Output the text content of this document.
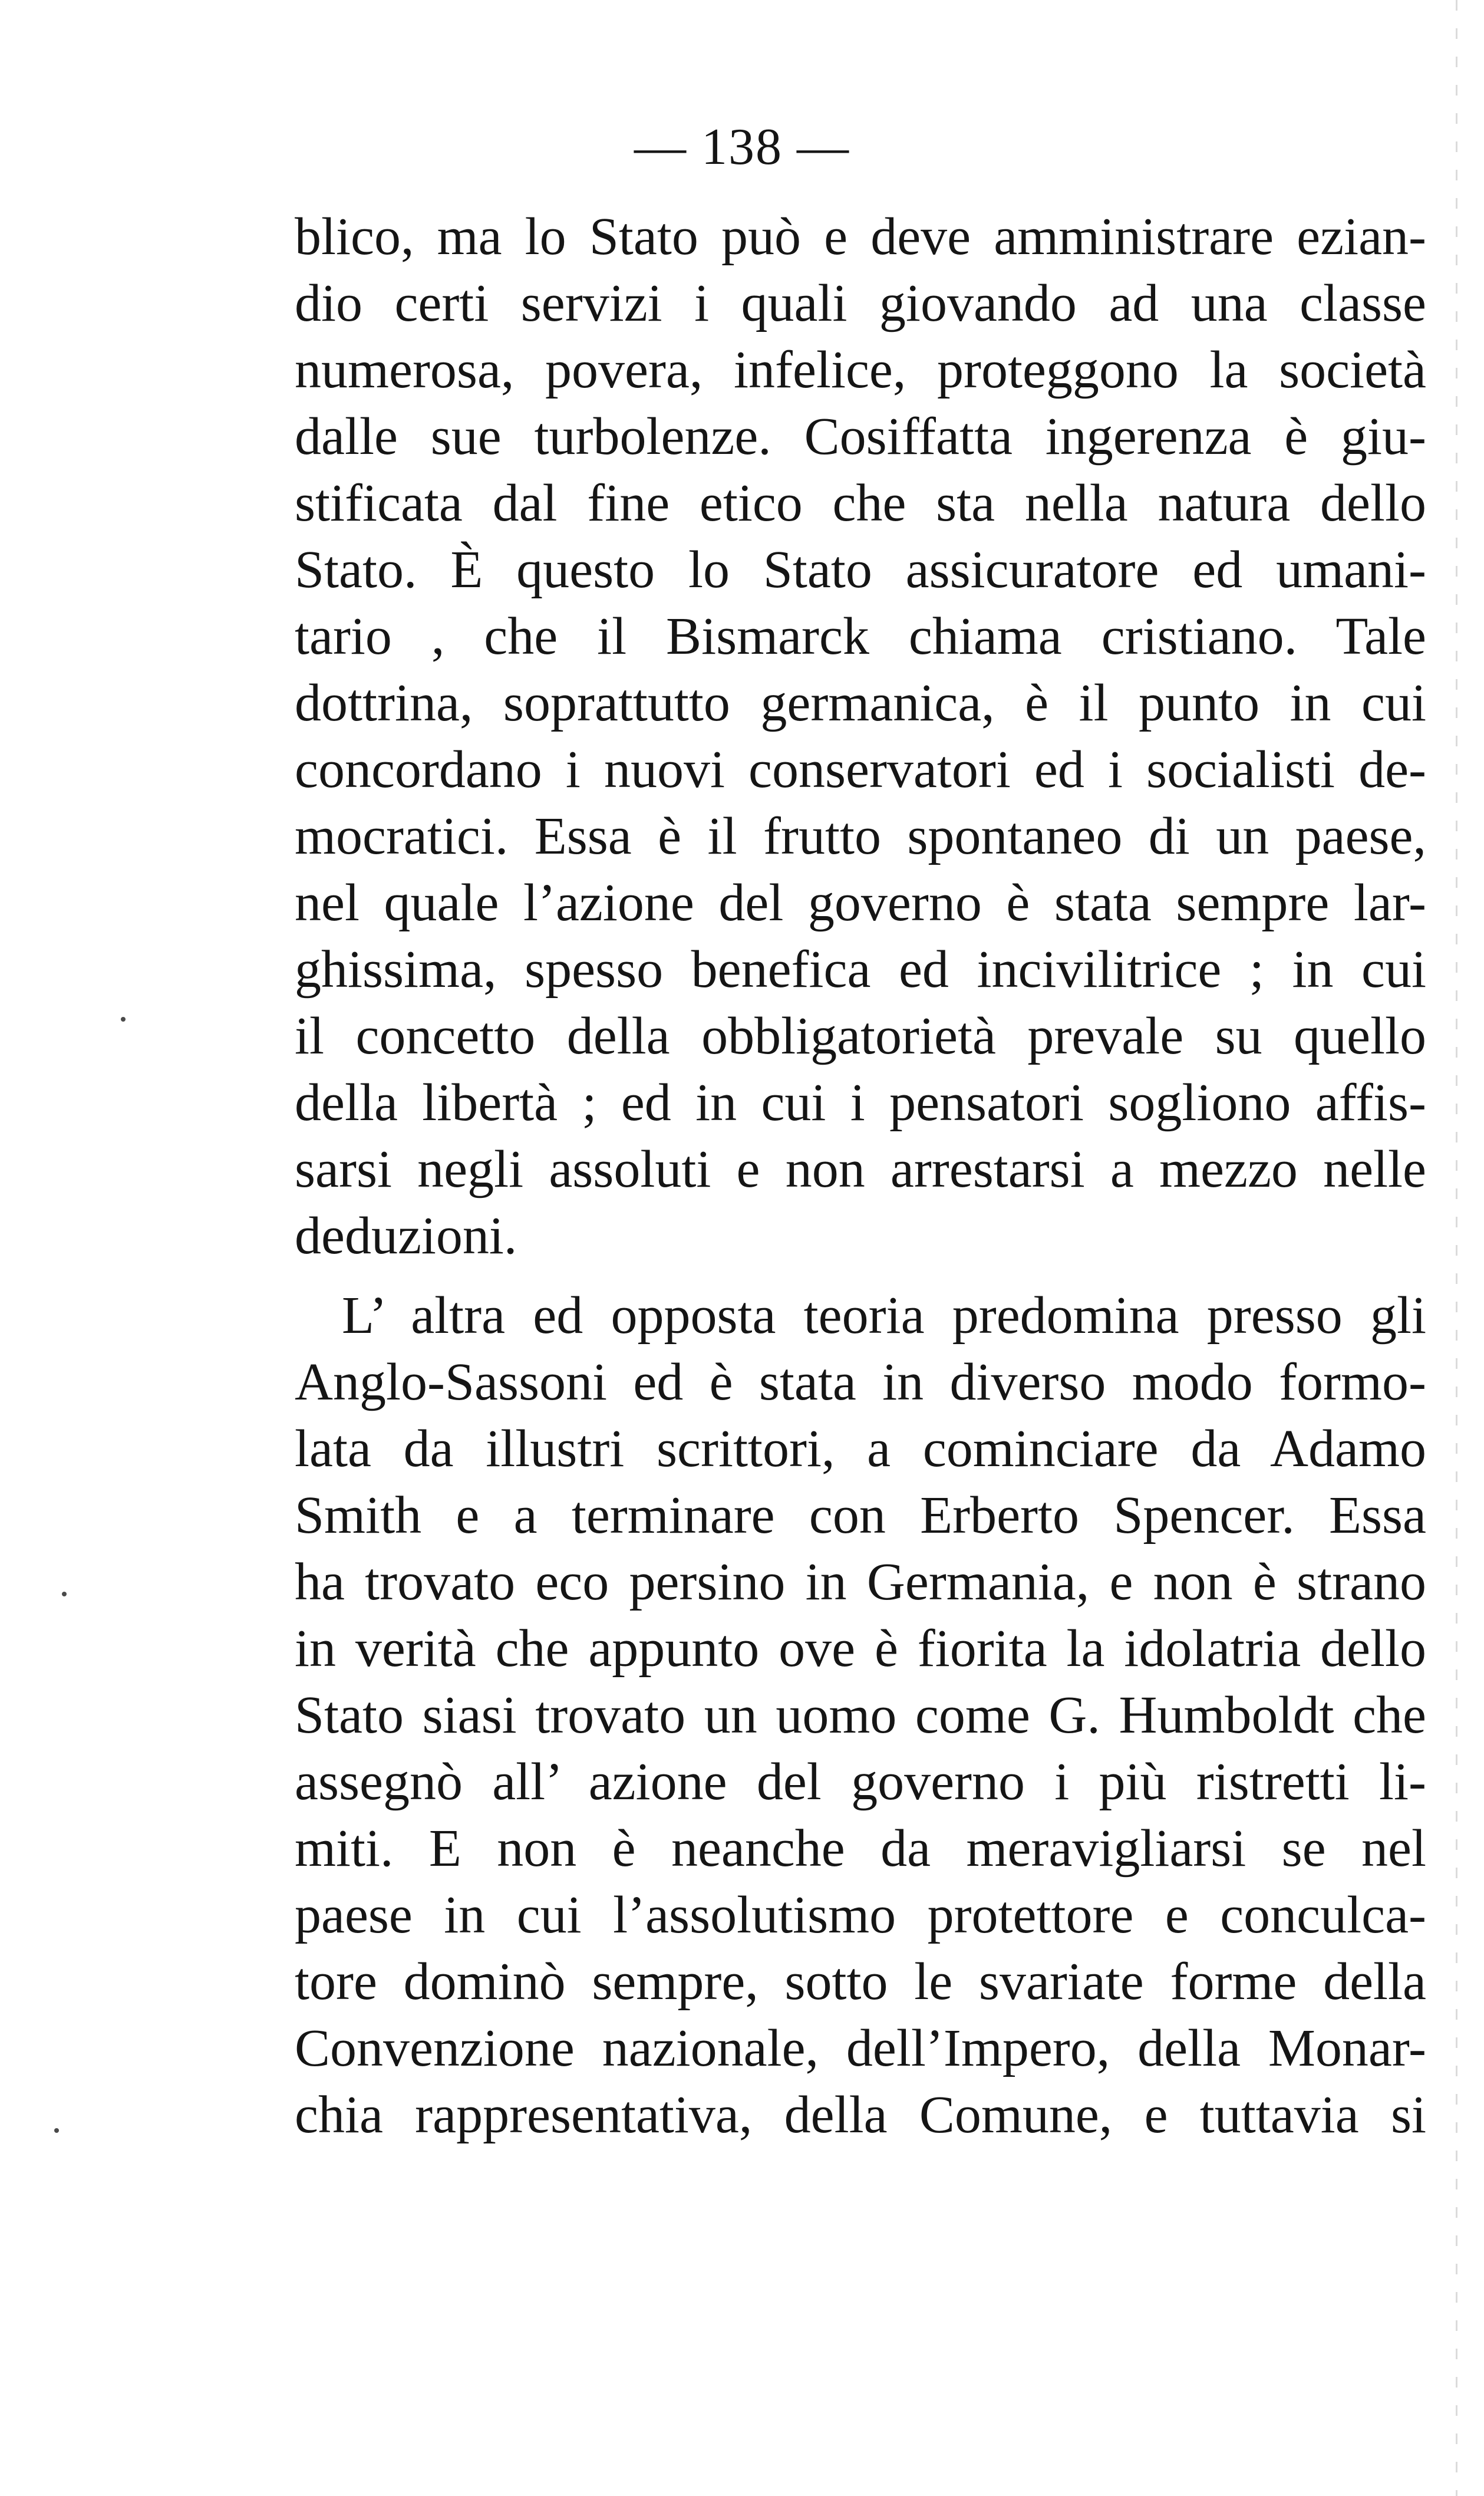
— 138 —
blico, ma lo Stato può e deve amministrare ezian-
dio certi servizi i quali giovando ad una classe
numerosa, povera, infelice, proteggono la società
dalle sue turbolenze. Cosiffatta ingerenza è giu-
stificata dal fine etico che sta nella natura dello
Stato. È questo lo Stato assicuratore ed umani-
tario , che il Bismarck chiama cristiano. Tale
dottrina, soprattutto germanica, è il punto in cui
concordano i nuovi conservatori ed i socialisti de-
mocratici. Essa è il frutto spontaneo di un paese,
nel quale l’azione del governo è stata sempre lar-
ghissima, spesso benefica ed incivilitrice ; in cui
il concetto della obbligatorietà prevale su quello
della libertà ; ed in cui i pensatori sogliono affis-
sarsi negli assoluti e non arrestarsi a mezzo nelle
deduzioni.
L’ altra ed opposta teoria predomina presso gli
Anglo-Sassoni ed è stata in diverso modo formo-
lata da illustri scrittori, a cominciare da Adamo
Smith e a terminare con Erberto Spencer. Essa
ha trovato eco persino in Germania, e non è strano
in verità che appunto ove è fiorita la idolatria dello
Stato siasi trovato un uomo come G. Humboldt che
assegnò all’ azione del governo i più ristretti li-
miti. E non è neanche da meravigliarsi se nel
paese in cui l’assolutismo protettore e conculca-
tore dominò sempre, sotto le svariate forme della
Convenzione nazionale, dell’Impero, della Monar-
chia rappresentativa, della Comune, e tuttavia si
